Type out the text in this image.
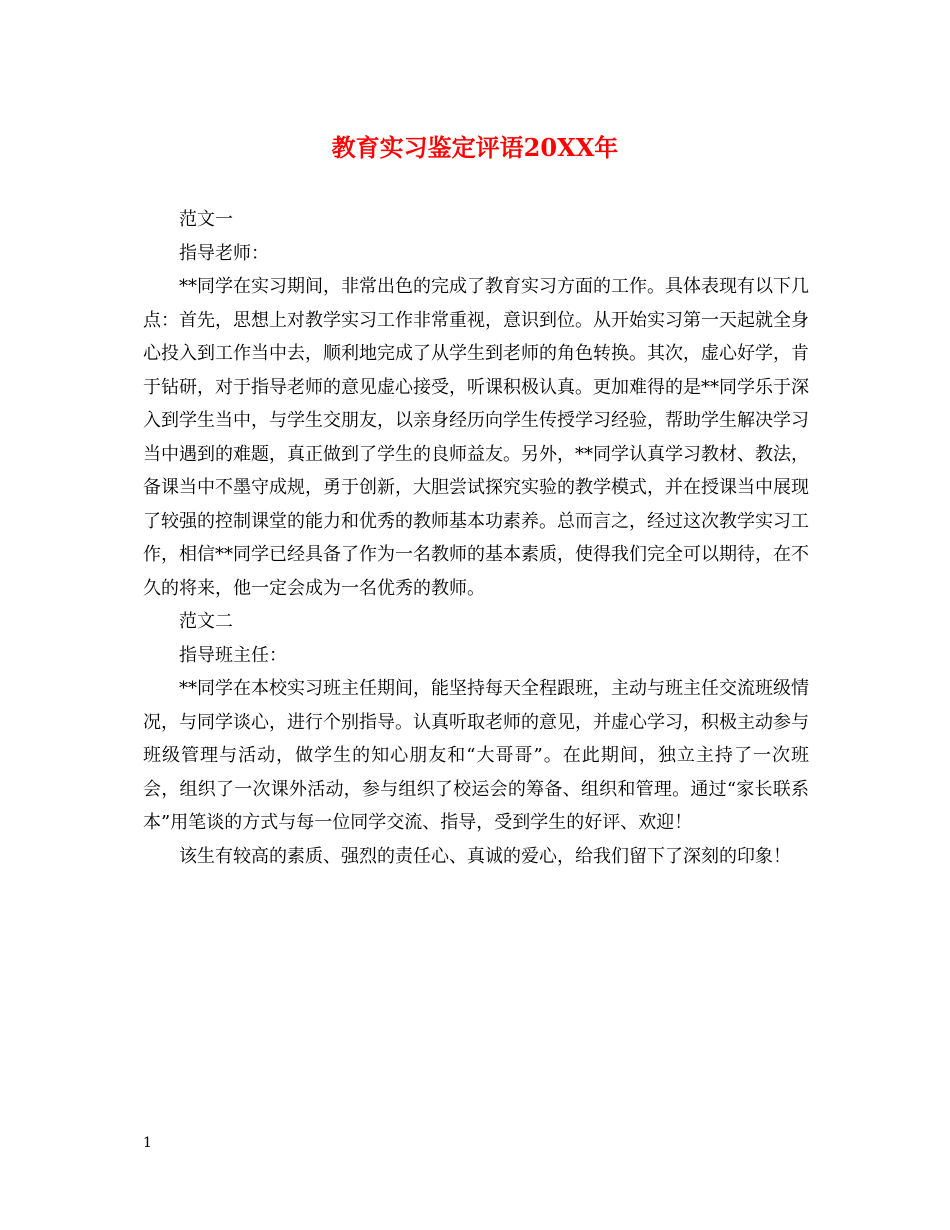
教育实习鉴定评语20XX年

范文一

指导老师：

**同学在实习期间，非常出色的完成了教育实习方面的工作。具体表现有以下几点：首先，思想上对教学实习工作非常重视，意识到位。从开始实习第一天起就全身心投入到工作当中去，顺利地完成了从学生到老师的角色转换。其次，虚心好学，肯于钻研，对于指导老师的意见虚心接受，听课积极认真。更加难得的是**同学乐于深入到学生当中，与学生交朋友，以亲身经历向学生传授学习经验，帮助学生解决学习当中遇到的难题，真正做到了学生的良师益友。另外，**同学认真学习教材、教法，备课当中不墨守成规，勇于创新，大胆尝试探究实验的教学模式，并在授课当中展现了较强的控制课堂的能力和优秀的教师基本功素养。总而言之，经过这次教学实习工作，相信**同学已经具备了作为一名教师的基本素质，使得我们完全可以期待，在不久的将来，他一定会成为一名优秀的教师。

范文二

指导班主任：

**同学在本校实习班主任期间，能坚持每天全程跟班，主动与班主任交流班级情况，与同学谈心，进行个别指导。认真听取老师的意见，并虚心学习，积极主动参与班级管理与活动，做学生的知心朋友和“大哥哥”。在此期间，独立主持了一次班会，组织了一次课外活动，参与组织了校运会的筹备、组织和管理。通过“家长联系本”用笔谈的方式与每一位同学交流、指导，受到学生的好评、欢迎！

该生有较高的素质、强烈的责任心、真诚的爱心，给我们留下了深刻的印象！

1
